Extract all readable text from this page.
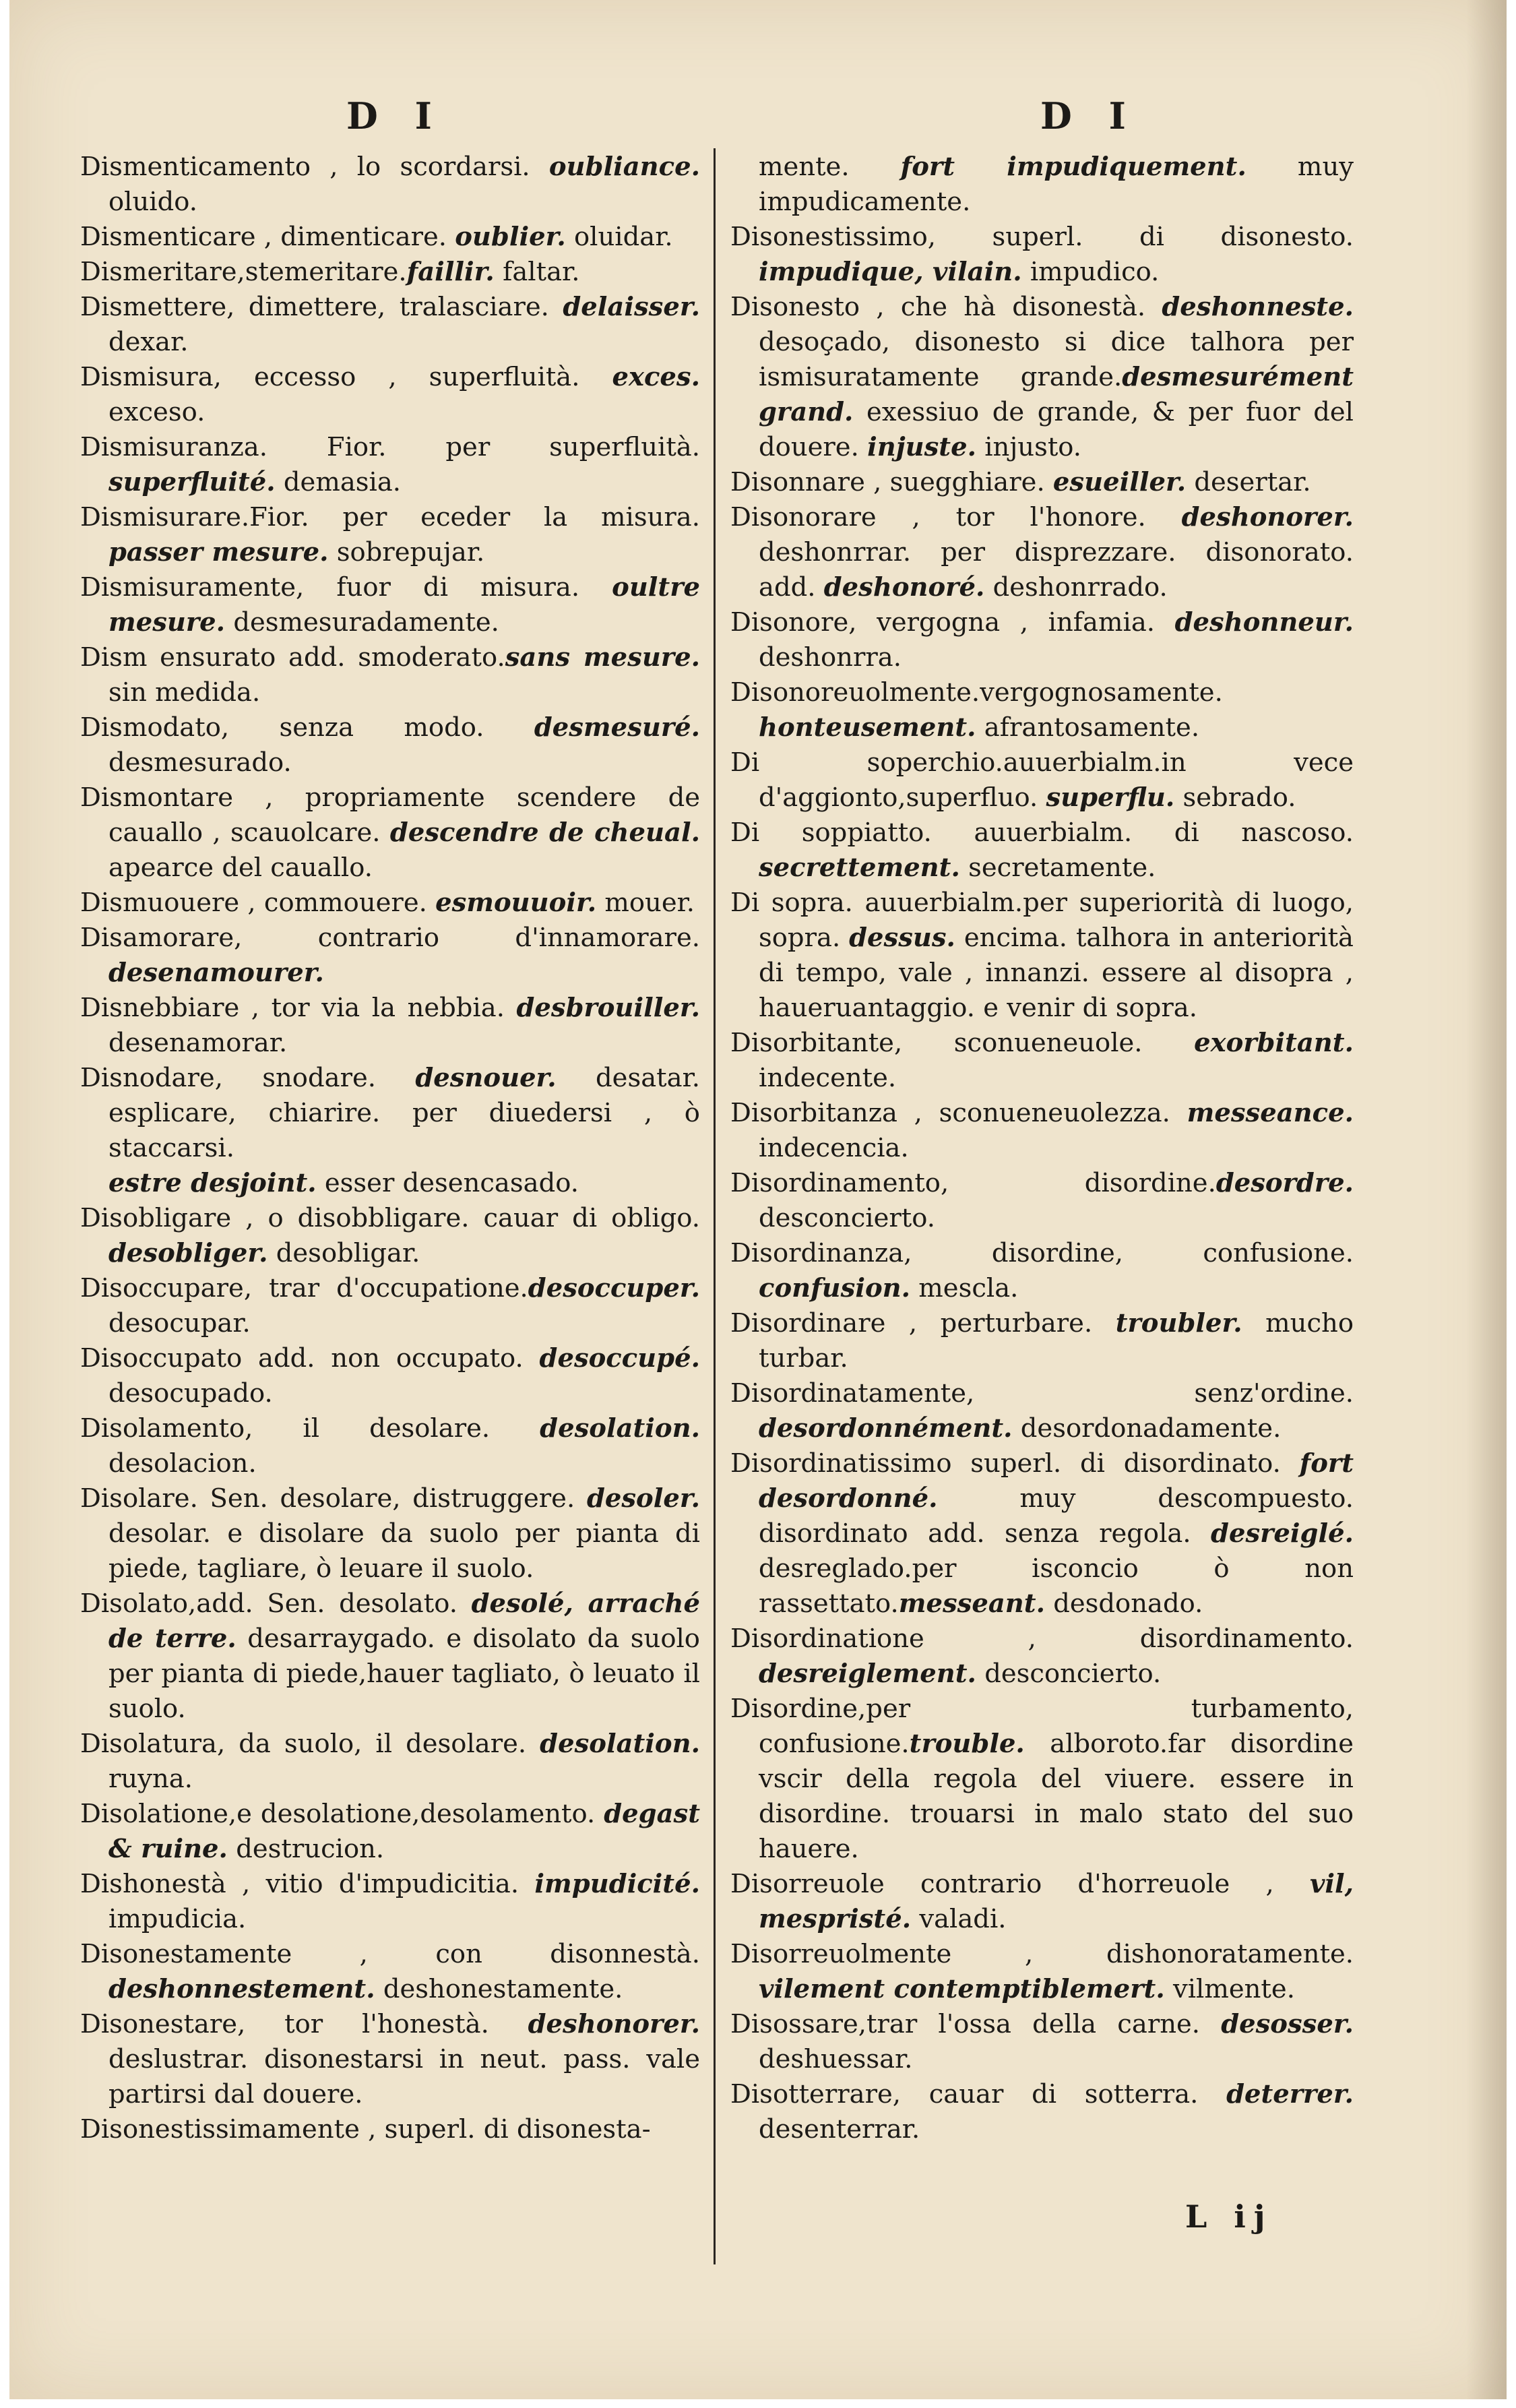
D I	D I

Dismenticamento , lo scordarsi. oubliance. oluido.

Dismenticare , dimenticare. oublier. oluidar.

Dismeritare,stemeritare.faillir. faltar.

Dismettere, dimettere, tralasciare. delaisser. dexar.

Dismisura, eccesso , superfluità. exces. exceso.

Dismisuranza. Fior. per superfluità. superfluité. demasia.

Dismisurare.Fior. per eceder la misura. passer mesure. sobrepujar.

Dismisuramente, fuor di misura. oultre mesure. desmesuradamente.

Dism ensurato add. smoderato.sans mesure. sin medida.

Dismodato, senza modo. desmesuré. desmesurado.

Dismontare , propriamente scendere de cauallo , scauolcare. descendre de cheual. apearce del cauallo.

Dismuouere , commouere. esmouuoir. mouer.

Disamorare, contrario d'innamorare. desenamourer.

Disnebbiare , tor via la nebbia. desbrouiller. desenamorar.

Disnodare, snodare. desnouer. desatar. esplicare, chiarire. per diuedersi , ò staccarsi.

estre desjoint. esser desencasado.

Disobligare , o disobbligare. cauar di obligo. desobliger. desobligar.

Disoccupare, trar d'occupatione.desoccuper. desocupar.

Disoccupato add. non occupato. desoccupé. desocupado.

Disolamento, il desolare. desolation. desolacion.

Disolare. Sen. desolare, distruggere. desoler. desolar. e disolare da suolo per pianta di piede, tagliare, ò leuare il suolo.

Disolato,add. Sen. desolato. desolé, arraché de terre. desarraygado. e disolato da suolo per pianta di piede,hauer tagliato, ò leuato il suolo.

Disolatura, da suolo, il desolare. desolation. ruyna.

Disolatione,e desolatione,desolamento. degast & ruine. destrucion.

Dishonestà , vitio d'impudicitia. impudicité. impudicia.

Disonestamente , con disonnestà. deshonnestement. deshonestamente.

Disonestare, tor l'honestà. deshonorer. deslustrar. disonestarsi in neut. pass. vale partirsi dal douere.

Disonestissimamente , superl. di disonesta-

mente. fort impudiquement. muy impudicamente.

Disonestissimo, superl. di disonesto. impudique, vilain. impudico.

Disonesto , che hà disonestà. deshonneste. desoçado, disonesto si dice talhora per ismisuratamente grande.desmesurément grand. exessiuo de grande, & per fuor del douere. injuste. injusto.

Disonnare , suegghiare. esueiller. desertar.

Disonorare , tor l'honore. deshonorer. deshonrrar. per disprezzare. disonorato. add. deshonoré. deshonrrado.

Disonore, vergogna , infamia. deshonneur. deshonrra.

Disonoreuolmente.vergognosamente. honteusement. afrantosamente.

Di soperchio.auuerbialm.in vece d'aggionto,superfluo. superflu. sebrado.

Di soppiatto. auuerbialm. di nascoso. secrettement. secretamente.

Di sopra. auuerbialm.per superiorità di luogo, sopra. dessus. encima. talhora in anteriorità di tempo, vale , innanzi. essere al disopra , haueruantaggio. e venir di sopra.

Disorbitante, sconueneuole. exorbitant. indecente.

Disorbitanza , sconueneuolezza. messeance. indecencia.

Disordinamento, disordine.desordre. desconcierto.

Disordinanza, disordine, confusione. confusion. mescla.

Disordinare , perturbare. troubler. mucho turbar.

Disordinatamente, senz'ordine. desordonnément. desordonadamente.

Disordinatissimo superl. di disordinato. fort desordonné. muy descompuesto. disordinato add. senza regola. desreiglé. desreglado.per isconcio ò non rassettato.messeant. desdonado.

Disordinatione , disordinamento. desreiglement. desconcierto.

Disordine,per turbamento, confusione.trouble. alboroto.far disordine vscir della regola del viuere. essere in disordine. trouarsi in malo stato del suo hauere.

Disorreuole contrario d'horreuole , vil, mespristé. valadi.

Disorreuolmente , dishonoratamente. vilement contemptiblemert. vilmente.

Disossare,trar l'ossa della carne. desosser. deshuessar.

Disotterrare, cauar di sotterra. deterrer. desenterrar.

L ij
